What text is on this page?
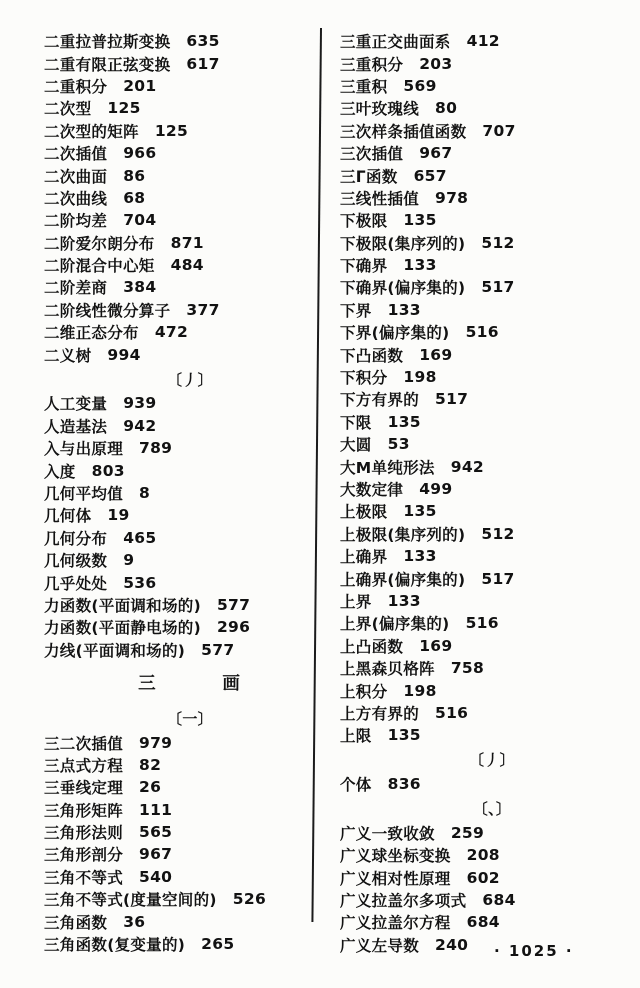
二重拉普拉斯变换 635
二重有限正弦变换 617
二重积分 201
二次型 125
二次型的矩阵 125
二次插值 966
二次曲面 86
二次曲线 68
二阶均差 704
二阶爱尔朗分布 871
二阶混合中心矩 484
二阶差商 384
二阶线性微分算子 377
二维正态分布 472
二义树 994
〔丿〕
人工变量 939
人造基法 942
入与出原理 789
入度 803
几何平均值 8
几何体 19
几何分布 465
几何级数 9
几乎处处 536
力函数(平面调和场的) 577
力函数(平面静电场的) 296
力线(平面调和场的) 577
三        画
〔一〕
三二次插值 979
三点式方程 82
三垂线定理 26
三角形矩阵 111
三角形法则 565
三角形剖分 967
三角不等式 540
三角不等式(度量空间的) 526
三角函数 36
三角函数(复变量的) 265
三重正交曲面系 412
三重积分 203
三重积 569
三叶玫瑰线 80
三次样条插值函数 707
三次插值 967
三Γ函数 657
三线性插值 978
下极限 135
下极限(集序列的) 512
下确界 133
下确界(偏序集的) 517
下界 133
下界(偏序集的) 516
下凸函数 169
下积分 198
下方有界的 517
下限 135
大圆 53
大M单纯形法 942
大数定律 499
上极限 135
上极限(集序列的) 512
上确界 133
上确界(偏序集的) 517
上界 133
上界(偏序集的) 516
上凸函数 169
上黑森贝格阵 758
上积分 198
上方有界的 516
上限 135
〔丿〕
个体 836
〔、〕
广义一致收敛 259
广义球坐标变换 208
广义相对性原理 602
广义拉盖尔多项式 684
广义拉盖尔方程 684
广义左导数 240 · 1025 ·
